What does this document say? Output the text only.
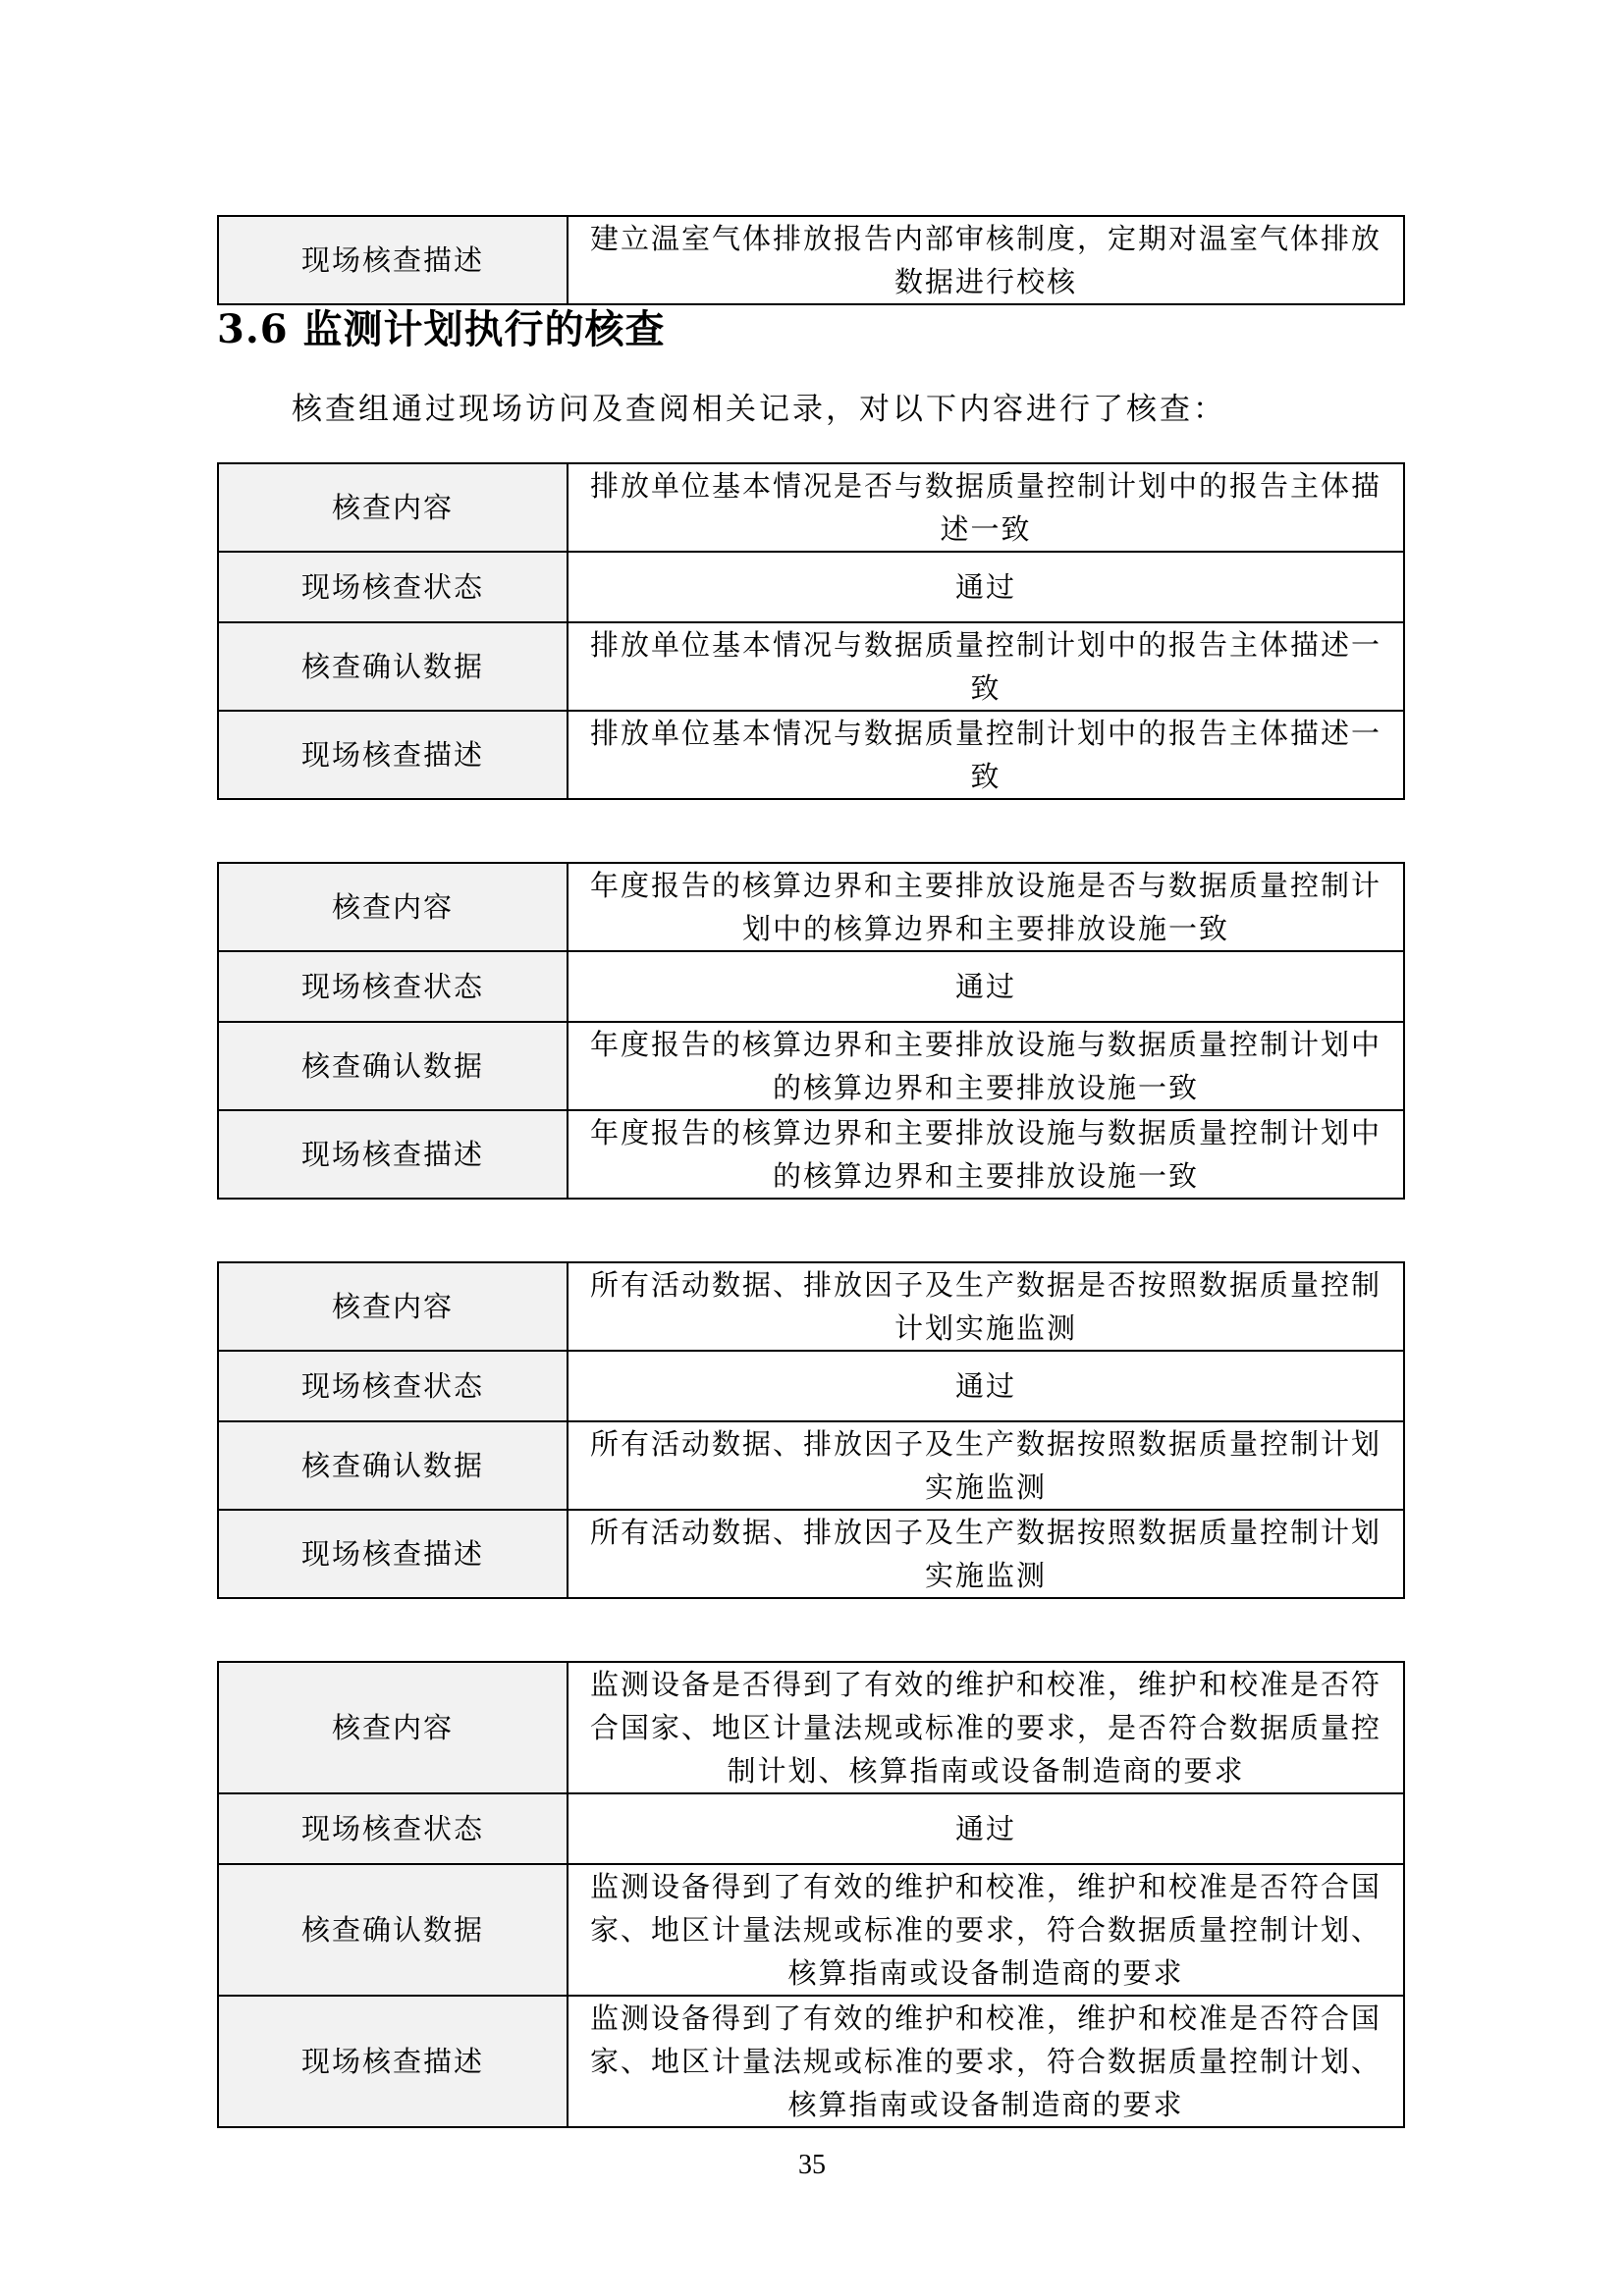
现场核查描述	建立温室气体排放报告内部审核制度，定期对温室气体排放数据进行校核
3.6 监测计划执行的核查

核查组通过现场访问及查阅相关记录，对以下内容进行了核查：

核查内容	排放单位基本情况是否与数据质量控制计划中的报告主体描述一致
现场核查状态	通过
核查确认数据	排放单位基本情况与数据质量控制计划中的报告主体描述一致
现场核查描述	排放单位基本情况与数据质量控制计划中的报告主体描述一致
核查内容	年度报告的核算边界和主要排放设施是否与数据质量控制计划中的核算边界和主要排放设施一致
现场核查状态	通过
核查确认数据	年度报告的核算边界和主要排放设施与数据质量控制计划中的核算边界和主要排放设施一致
现场核查描述	年度报告的核算边界和主要排放设施与数据质量控制计划中的核算边界和主要排放设施一致
核查内容	所有活动数据、排放因子及生产数据是否按照数据质量控制计划实施监测
现场核查状态	通过
核查确认数据	所有活动数据、排放因子及生产数据按照数据质量控制计划实施监测
现场核查描述	所有活动数据、排放因子及生产数据按照数据质量控制计划实施监测
核查内容	监测设备是否得到了有效的维护和校准，维护和校准是否符合国家、地区计量法规或标准的要求，是否符合数据质量控制计划、核算指南或设备制造商的要求
现场核查状态	通过
核查确认数据	监测设备得到了有效的维护和校准，维护和校准是否符合国家、地区计量法规或标准的要求，符合数据质量控制计划、核算指南或设备制造商的要求
现场核查描述	监测设备得到了有效的维护和校准，维护和校准是否符合国家、地区计量法规或标准的要求，符合数据质量控制计划、核算指南或设备制造商的要求
35
